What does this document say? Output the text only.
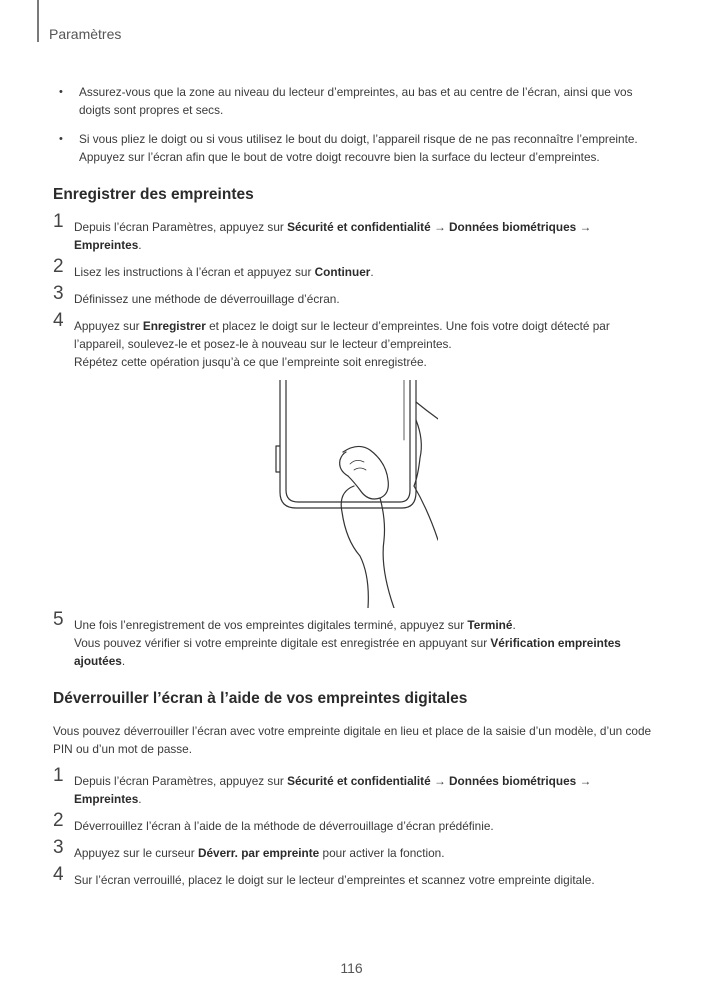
Paramètres
• Assurez-vous que la zone au niveau du lecteur d’empreintes, au bas et au centre de l’écran, ainsi que vos doigts sont propres et secs.
• Si vous pliez le doigt ou si vous utilisez le bout du doigt, l’appareil risque de ne pas reconnaître l’empreinte. Appuyez sur l’écran afin que le bout de votre doigt recouvre bien la surface du lecteur d’empreintes.
Enregistrer des empreintes
1 Depuis l’écran Paramètres, appuyez sur Sécurité et confidentialité → Données biométriques →
Empreintes.
2 Lisez les instructions à l’écran et appuyez sur Continuer.
3 Définissez une méthode de déverrouillage d’écran.
4 Appuyez sur Enregistrer et placez le doigt sur le lecteur d’empreintes. Une fois votre doigt détecté par l’appareil, soulevez-le et posez-le à nouveau sur le lecteur d’empreintes.
Répétez cette opération jusqu’à ce que l’empreinte soit enregistrée.
5 Une fois l’enregistrement de vos empreintes digitales terminé, appuyez sur Terminé.
Vous pouvez vérifier si votre empreinte digitale est enregistrée en appuyant sur Vérification empreintes ajoutées.
Déverrouiller l’écran à l’aide de vos empreintes digitales

Vous pouvez déverrouiller l’écran avec votre empreinte digitale en lieu et place de la saisie d’un modèle, d’un code PIN ou d’un mot de passe.

1 Depuis l’écran Paramètres, appuyez sur Sécurité et confidentialité → Données biométriques →
Empreintes.
2 Déverrouillez l’écran à l’aide de la méthode de déverrouillage d’écran prédéfinie.
3 Appuyez sur le curseur Déverr. par empreinte pour activer la fonction.
4 Sur l’écran verrouillé, placez le doigt sur le lecteur d’empreintes et scannez votre empreinte digitale.
116
